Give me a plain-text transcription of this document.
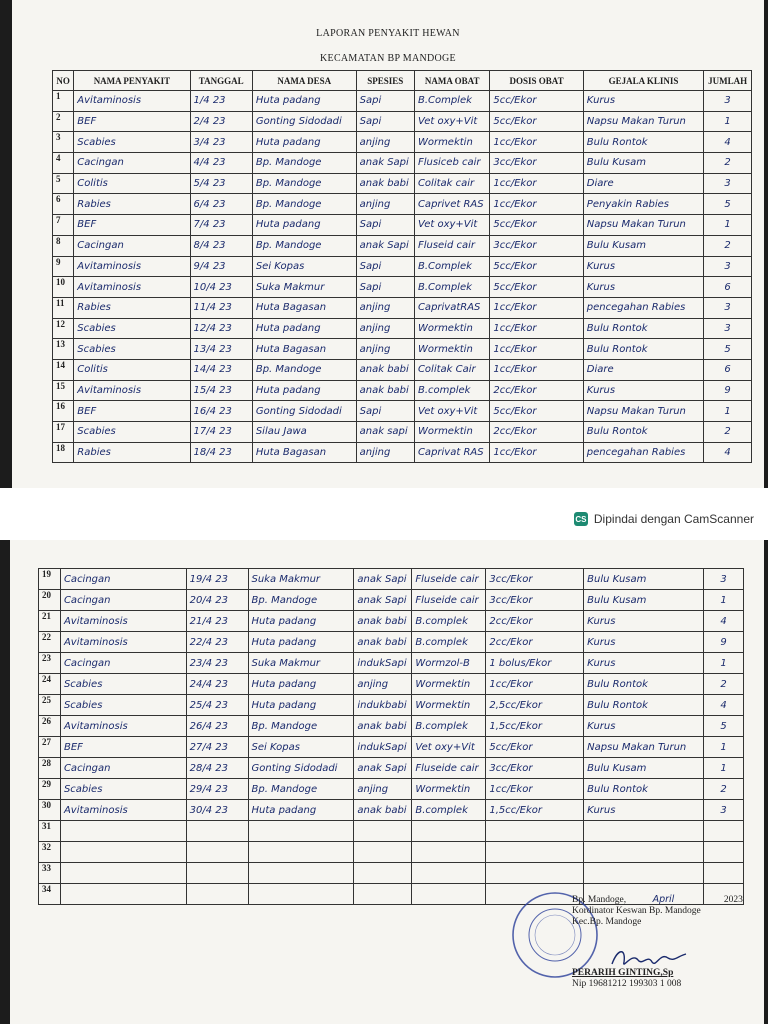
LAPORAN PENYAKIT HEWAN
KECAMATAN BP MANDOGE
NO	NAMA PENYAKIT	TANGGAL	NAMA DESA	SPESIES	NAMA OBAT	DOSIS OBAT	GEJALA KLINIS	JUMLAH
1	Avitaminosis	1/4 23	Huta padang	Sapi	B.Complek	5cc/Ekor	Kurus	3
2	BEF	2/4 23	Gonting Sidodadi	Sapi	Vet oxy+Vit	5cc/Ekor	Napsu Makan Turun	1
3	Scabies	3/4 23	Huta padang	anjing	Wormektin	1cc/Ekor	Bulu Rontok	4
4	Cacingan	4/4 23	Bp. Mandoge	anak Sapi	Flusiceb cair	3cc/Ekor	Bulu Kusam	2
5	Colitis	5/4 23	Bp. Mandoge	anak babi	Colitak cair	1cc/Ekor	Diare	3
6	Rabies	6/4 23	Bp. Mandoge	anjing	Caprivet RAS	1cc/Ekor	Penyakin Rabies	5
7	BEF	7/4 23	Huta padang	Sapi	Vet oxy+Vit	5cc/Ekor	Napsu Makan Turun	1
8	Cacingan	8/4 23	Bp. Mandoge	anak Sapi	Fluseid cair	3cc/Ekor	Bulu Kusam	2
9	Avitaminosis	9/4 23	Sei Kopas	Sapi	B.Complek	5cc/Ekor	Kurus	3
10	Avitaminosis	10/4 23	Suka Makmur	Sapi	B.Complek	5cc/Ekor	Kurus	6
11	Rabies	11/4 23	Huta Bagasan	anjing	CaprivatRAS	1cc/Ekor	pencegahan Rabies	3
12	Scabies	12/4 23	Huta padang	anjing	Wormektin	1cc/Ekor	Bulu Rontok	3
13	Scabies	13/4 23	Huta Bagasan	anjing	Wormektin	1cc/Ekor	Bulu Rontok	5
14	Colitis	14/4 23	Bp. Mandoge	anak babi	Colitak Cair	1cc/Ekor	Diare	6
15	Avitaminosis	15/4 23	Huta padang	anak babi	B.complek	2cc/Ekor	Kurus	9
16	BEF	16/4 23	Gonting Sidodadi	Sapi	Vet oxy+Vit	5cc/Ekor	Napsu Makan Turun	1
17	Scabies	17/4 23	Silau Jawa	anak sapi	Wormektin	2cc/Ekor	Bulu Rontok	2
18	Rabies	18/4 23	Huta Bagasan	anjing	Caprivat RAS	1cc/Ekor	pencegahan Rabies	4
CS Dipindai dengan CamScanner
19	Cacingan	19/4 23	Suka Makmur	anak Sapi	Fluseide cair	3cc/Ekor	Bulu Kusam	3
20	Cacingan	20/4 23	Bp. Mandoge	anak Sapi	Fluseide cair	3cc/Ekor	Bulu Kusam	1
21	Avitaminosis	21/4 23	Huta padang	anak babi	B.complek	2cc/Ekor	Kurus	4
22	Avitaminosis	22/4 23	Huta padang	anak babi	B.complek	2cc/Ekor	Kurus	9
23	Cacingan	23/4 23	Suka Makmur	indukSapi	Wormzol-B	1 bolus/Ekor	Kurus	1
24	Scabies	24/4 23	Huta padang	anjing	Wormektin	1cc/Ekor	Bulu Rontok	2
25	Scabies	25/4 23	Huta padang	indukbabi	Wormektin	2,5cc/Ekor	Bulu Rontok	4
26	Avitaminosis	26/4 23	Bp. Mandoge	anak babi	B.complek	1,5cc/Ekor	Kurus	5
27	BEF	27/4 23	Sei Kopas	indukSapi	Vet oxy+Vit	5cc/Ekor	Napsu Makan Turun	1
28	Cacingan	28/4 23	Gonting Sidodadi	anak Sapi	Fluseide cair	3cc/Ekor	Bulu Kusam	1
29	Scabies	29/4 23	Bp. Mandoge	anjing	Wormektin	1cc/Ekor	Bulu Rontok	2
30	Avitaminosis	30/4 23	Huta padang	anak babi	B.complek	1,5cc/Ekor	Kurus	3
31								
32								
33								
34								
Bp. Mandoge,	April	2023
Kordinator Keswan Bp. Mandoge
Kec.Bp. Mandoge
PERARIH GINTING,Sp
Nip 19681212 199303 1 008
